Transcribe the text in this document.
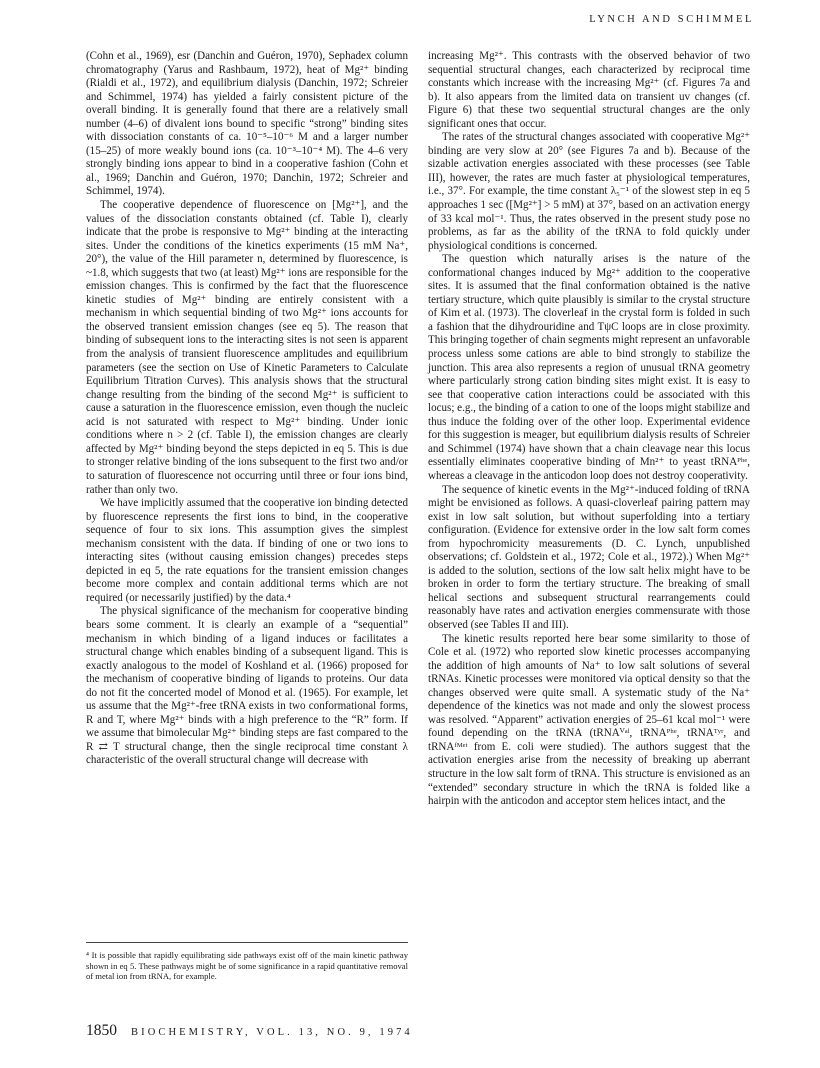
LYNCH AND SCHIMMEL

(Cohn et al., 1969), esr (Danchin and Guéron, 1970), Sephadex column chromatography (Yarus and Rashbaum, 1972), heat of Mg²⁺ binding (Rialdi et al., 1972), and equilibrium dialysis (Danchin, 1972; Schreier and Schimmel, 1974) has yielded a fairly consistent picture of the overall binding. It is generally found that there are a relatively small number (4–6) of divalent ions bound to specific “strong” binding sites with dissociation constants of ca. 10⁻⁵–10⁻⁶ M and a larger number (15–25) of more weakly bound ions (ca. 10⁻³–10⁻⁴ M). The 4–6 very strongly binding ions appear to bind in a cooperative fashion (Cohn et al., 1969; Danchin and Guéron, 1970; Danchin, 1972; Schreier and Schimmel, 1974).

The cooperative dependence of fluorescence on [Mg²⁺], and the values of the dissociation constants obtained (cf. Table I), clearly indicate that the probe is responsive to Mg²⁺ binding at the interacting sites. Under the conditions of the kinetics experiments (15 mM Na⁺, 20°), the value of the Hill parameter n, determined by fluorescence, is ~1.8, which suggests that two (at least) Mg²⁺ ions are responsible for the emission changes. This is confirmed by the fact that the fluorescence kinetic studies of Mg²⁺ binding are entirely consistent with a mechanism in which sequential binding of two Mg²⁺ ions accounts for the observed transient emission changes (see eq 5). The reason that binding of subsequent ions to the interacting sites is not seen is apparent from the analysis of transient fluorescence amplitudes and equilibrium parameters (see the section on Use of Kinetic Parameters to Calculate Equilibrium Titration Curves). This analysis shows that the structural change resulting from the binding of the second Mg²⁺ is sufficient to cause a saturation in the fluorescence emission, even though the nucleic acid is not saturated with respect to Mg²⁺ binding. Under ionic conditions where n > 2 (cf. Table I), the emission changes are clearly affected by Mg²⁺ binding beyond the steps depicted in eq 5. This is due to stronger relative binding of the ions subsequent to the first two and/or to saturation of fluorescence not occurring until three or four ions bind, rather than only two.

We have implicitly assumed that the cooperative ion binding detected by fluorescence represents the first ions to bind, in the cooperative sequence of four to six ions. This assumption gives the simplest mechanism consistent with the data. If binding of one or two ions to interacting sites (without causing emission changes) precedes steps depicted in eq 5, the rate equations for the transient emission changes become more complex and contain additional terms which are not required (or necessarily justified) by the data.⁴

The physical significance of the mechanism for cooperative binding bears some comment. It is clearly an example of a “sequential” mechanism in which binding of a ligand induces or facilitates a structural change which enables binding of a subsequent ligand. This is exactly analogous to the model of Koshland et al. (1966) proposed for the mechanism of cooperative binding of ligands to proteins. Our data do not fit the concerted model of Monod et al. (1965). For example, let us assume that the Mg²⁺-free tRNA exists in two conformational forms, R and T, where Mg²⁺ binds with a high preference to the “R” form. If we assume that bimolecular Mg²⁺ binding steps are fast compared to the R ⇄ T structural change, then the single reciprocal time constant λ characteristic of the overall structural change will decrease with

increasing Mg²⁺. This contrasts with the observed behavior of two sequential structural changes, each characterized by reciprocal time constants which increase with the increasing Mg²⁺ (cf. Figures 7a and b). It also appears from the limited data on transient uv changes (cf. Figure 6) that these two sequential structural changes are the only significant ones that occur.

The rates of the structural changes associated with cooperative Mg²⁺ binding are very slow at 20° (see Figures 7a and b). Because of the sizable activation energies associated with these processes (see Table III), however, the rates are much faster at physiological temperatures, i.e., 37°. For example, the time constant λ₅⁻¹ of the slowest step in eq 5 approaches 1 sec ([Mg²⁺] > 5 mM) at 37°, based on an activation energy of 33 kcal mol⁻¹. Thus, the rates observed in the present study pose no problems, as far as the ability of the tRNA to fold quickly under physiological conditions is concerned.

The question which naturally arises is the nature of the conformational changes induced by Mg²⁺ addition to the cooperative sites. It is assumed that the final conformation obtained is the native tertiary structure, which quite plausibly is similar to the crystal structure of Kim et al. (1973). The cloverleaf in the crystal form is folded in such a fashion that the dihydrouridine and TψC loops are in close proximity. This bringing together of chain segments might represent an unfavorable process unless some cations are able to bind strongly to stabilize the junction. This area also represents a region of unusual tRNA geometry where particularly strong cation binding sites might exist. It is easy to see that cooperative cation interactions could be associated with this locus; e.g., the binding of a cation to one of the loops might stabilize and thus induce the folding over of the other loop. Experimental evidence for this suggestion is meager, but equilibrium dialysis results of Schreier and Schimmel (1974) have shown that a chain cleavage near this locus essentially eliminates cooperative binding of Mn²⁺ to yeast tRNAᴾʰᵉ, whereas a cleavage in the anticodon loop does not destroy cooperativity.

The sequence of kinetic events in the Mg²⁺-induced folding of tRNA might be envisioned as follows. A quasi-cloverleaf pairing pattern may exist in low salt solution, but without superfolding into a tertiary configuration. (Evidence for extensive order in the low salt form comes from hypochromicity measurements (D. C. Lynch, unpublished observations; cf. Goldstein et al., 1972; Cole et al., 1972).) When Mg²⁺ is added to the solution, sections of the low salt helix might have to be broken in order to form the tertiary structure. The breaking of small helical sections and subsequent structural rearrangements could reasonably have rates and activation energies commensurate with those observed (see Tables II and III).

The kinetic results reported here bear some similarity to those of Cole et al. (1972) who reported slow kinetic processes accompanying the addition of high amounts of Na⁺ to low salt solutions of several tRNAs. Kinetic processes were monitored via optical density so that the changes observed were quite small. A systematic study of the Na⁺ dependence of the kinetics was not made and only the slowest process was resolved. “Apparent” activation energies of 25–61 kcal mol⁻¹ were found depending on the tRNA (tRNAⱽᵃˡ, tRNAᴾʰᵉ, tRNAᵀʸʳ, and tRNAᶠᴹᵉᵗ from E. coli were studied). The authors suggest that the activation energies arise from the necessity of breaking up aberrant structure in the low salt form of tRNA. This structure is envisioned as an “extended” secondary structure in which the tRNA is folded like a hairpin with the anticodon and acceptor stem helices intact, and the

⁴ It is possible that rapidly equilibrating side pathways exist off of the main kinetic pathway shown in eq 5. These pathways might be of some significance in a rapid quantitative removal of metal ion from tRNA, for example.
1850 BIOCHEMISTRY, VOL. 13, NO. 9, 1974
